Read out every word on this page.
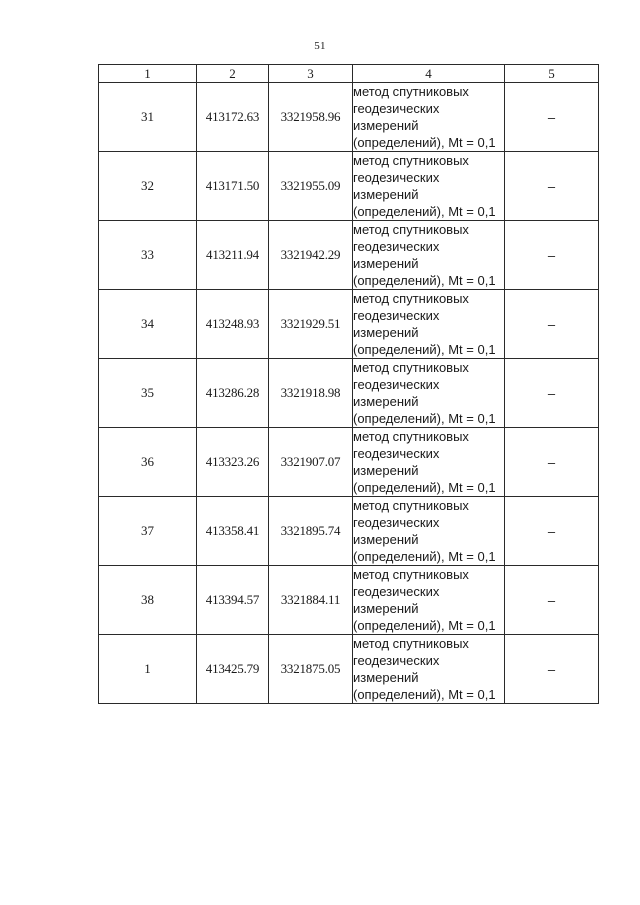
51
1	2	3	4	5
31	413172.63	3321958.96	метод спутниковых
геодезических
измерений
(определений), Mt = 0,1	–
32	413171.50	3321955.09	метод спутниковых
геодезических
измерений
(определений), Mt = 0,1	–
33	413211.94	3321942.29	метод спутниковых
геодезических
измерений
(определений), Mt = 0,1	–
34	413248.93	3321929.51	метод спутниковых
геодезических
измерений
(определений), Mt = 0,1	–
35	413286.28	3321918.98	метод спутниковых
геодезических
измерений
(определений), Mt = 0,1	–
36	413323.26	3321907.07	метод спутниковых
геодезических
измерений
(определений), Mt = 0,1	–
37	413358.41	3321895.74	метод спутниковых
геодезических
измерений
(определений), Mt = 0,1	–
38	413394.57	3321884.11	метод спутниковых
геодезических
измерений
(определений), Mt = 0,1	–
1	413425.79	3321875.05	метод спутниковых
геодезических
измерений
(определений), Mt = 0,1	–
